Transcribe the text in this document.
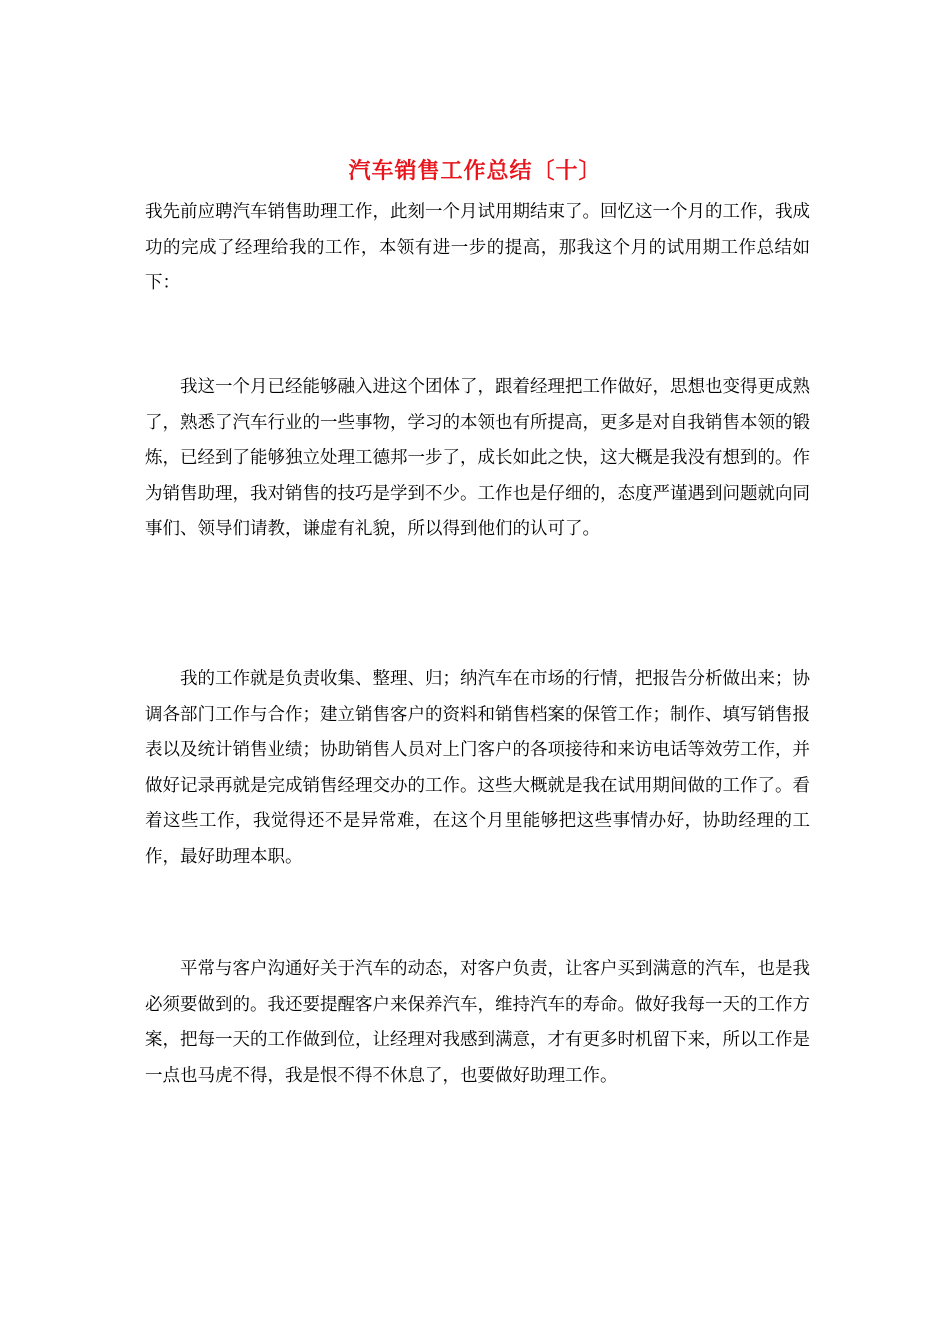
汽车销售工作总结〔十〕

我先前应聘汽车销售助理工作，此刻一个月试用期结束了。回忆这一个月的工作，我成功的完成了经理给我的工作，本领有进一步的提高，那我这个月的试用期工作总结如下：

我这一个月已经能够融入进这个团体了，跟着经理把工作做好，思想也变得更成熟了，熟悉了汽车行业的一些事物，学习的本领也有所提高，更多是对自我销售本领的锻炼，已经到了能够独立处理工德邦一步了，成长如此之快，这大概是我没有想到的。作为销售助理，我对销售的技巧是学到不少。工作也是仔细的，态度严谨遇到问题就向同事们、领导们请教，谦虚有礼貌，所以得到他们的认可了。

我的工作就是负责收集、整理、归；纳汽车在市场的行情，把报告分析做出来；协调各部门工作与合作；建立销售客户的资料和销售档案的保管工作；制作、填写销售报表以及统计销售业绩；协助销售人员对上门客户的各项接待和来访电话等效劳工作，并做好记录再就是完成销售经理交办的工作。这些大概就是我在试用期间做的工作了。看着这些工作，我觉得还不是异常难，在这个月里能够把这些事情办好，协助经理的工作，最好助理本职。

平常与客户沟通好关于汽车的动态，对客户负责，让客户买到满意的汽车，也是我必须要做到的。我还要提醒客户来保养汽车，维持汽车的寿命。做好我每一天的工作方案，把每一天的工作做到位，让经理对我感到满意，才有更多时机留下来，所以工作是一点也马虎不得，我是恨不得不休息了，也要做好助理工作。
